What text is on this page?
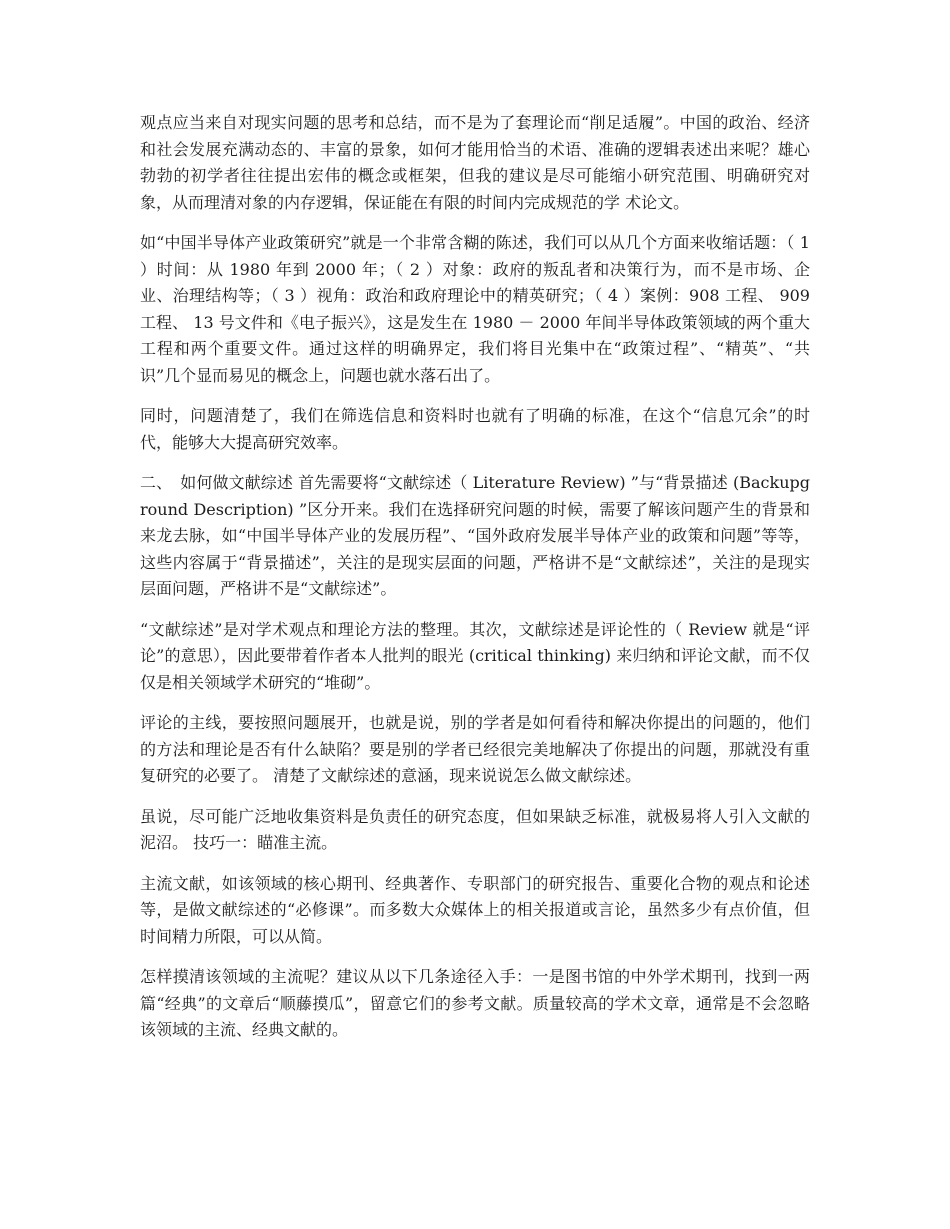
观点应当来自对现实问题的思考和总结，而不是为了套理论而“削足适履”。中国的政治、经济和社会发展充满动态的、丰富的景象，如何才能用恰当的术语、准确的逻辑表述出来呢？雄心勃勃的初学者往往提出宏伟的概念或框架，但我的建议是尽可能缩小研究范围、明确研究对象，从而理清对象的内存逻辑，保证能在有限的时间内完成规范的学 术论文。

如“中国半导体产业政策研究”就是一个非常含糊的陈述，我们可以从几个方面来收缩话题：（ 1 ）时间：从 1980 年到 2000 年；（ 2 ）对象：政府的叛乱者和决策行为，而不是市场、企业、治理结构等；（ 3 ）视角：政治和政府理论中的精英研究；（ 4 ）案例：908 工程、 909 工程、 13 号文件和《电子振兴》，这是发生在 1980 － 2000 年间半导体政策领域的两个重大工程和两个重要文件。通过这样的明确界定，我们将目光集中在“政策过程”、“精英”、“共识”几个显而易见的概念上，问题也就水落石出了。

同时，问题清楚了，我们在筛选信息和资料时也就有了明确的标准，在这个“信息冗余”的时代，能够大大提高研究效率。

二、　如何做文献综述 首先需要将“文献综述（ Literature Review) ”与“背景描述 (Backupground Description) ”区分开来。我们在选择研究问题的时候，需要了解该问题产生的背景和来龙去脉，如“中国半导体产业的发展历程”、“国外政府发展半导体产业的政策和问题”等等，这些内容属于“背景描述”，关注的是现实层面的问题，严格讲不是“文献综述”，关注的是现实层面问题，严格讲不是“文献综述”。

“文献综述”是对学术观点和理论方法的整理。其次，文献综述是评论性的（ Review 就是“评论”的意思），因此要带着作者本人批判的眼光 (critical thinking) 来归纳和评论文献，而不仅仅是相关领域学术研究的“堆砌”。

评论的主线，要按照问题展开，也就是说，别的学者是如何看待和解决你提出的问题的，他们的方法和理论是否有什么缺陷？要是别的学者已经很完美地解决了你提出的问题，那就没有重复研究的必要了。 清楚了文献综述的意涵，现来说说怎么做文献综述。

虽说，尽可能广泛地收集资料是负责任的研究态度，但如果缺乏标准，就极易将人引入文献的泥沼。 技巧一：瞄准主流。

主流文献，如该领域的核心期刊、经典著作、专职部门的研究报告、重要化合物的观点和论述等，是做文献综述的“必修课”。而多数大众媒体上的相关报道或言论，虽然多少有点价值，但时间精力所限，可以从简。

怎样摸清该领域的主流呢？建议从以下几条途径入手：一是图书馆的中外学术期刊，找到一两篇“经典”的文章后“顺藤摸瓜”，留意它们的参考文献。质量较高的学术文章，通常是不会忽略该领域的主流、经典文献的。
